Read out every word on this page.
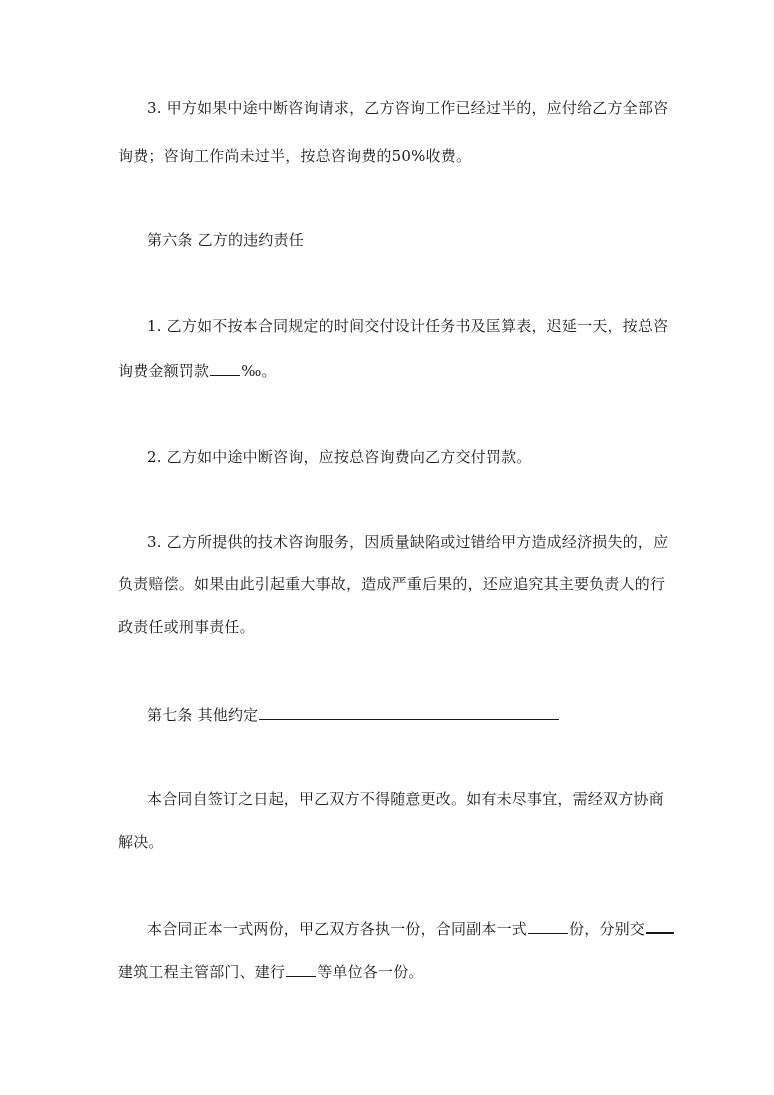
3. 甲方如果中途中断咨询请求，乙方咨询工作已经过半的，应付给乙方全部咨
询费；咨询工作尚未过半，按总咨询费的50%收费。
第六条 乙方的违约责任
1. 乙方如不按本合同规定的时间交付设计任务书及匡算表，迟延一天，按总咨
询费金额罚款 ‰。
2. 乙方如中途中断咨询，应按总咨询费向乙方交付罚款。
3. 乙方所提供的技术咨询服务，因质量缺陷或过错给甲方造成经济损失的，应
负责赔偿。如果由此引起重大事故，造成严重后果的，还应追究其主要负责人的行
政责任或刑事责任。
第七条 其他约定
本合同自签订之日起，甲乙双方不得随意更改。如有未尽事宜，需经双方协商
解决。
本合同正本一式两份，甲乙双方各执一份，合同副本一式	份，分别交
建筑工程主管部门、建行 等单位各一份。
